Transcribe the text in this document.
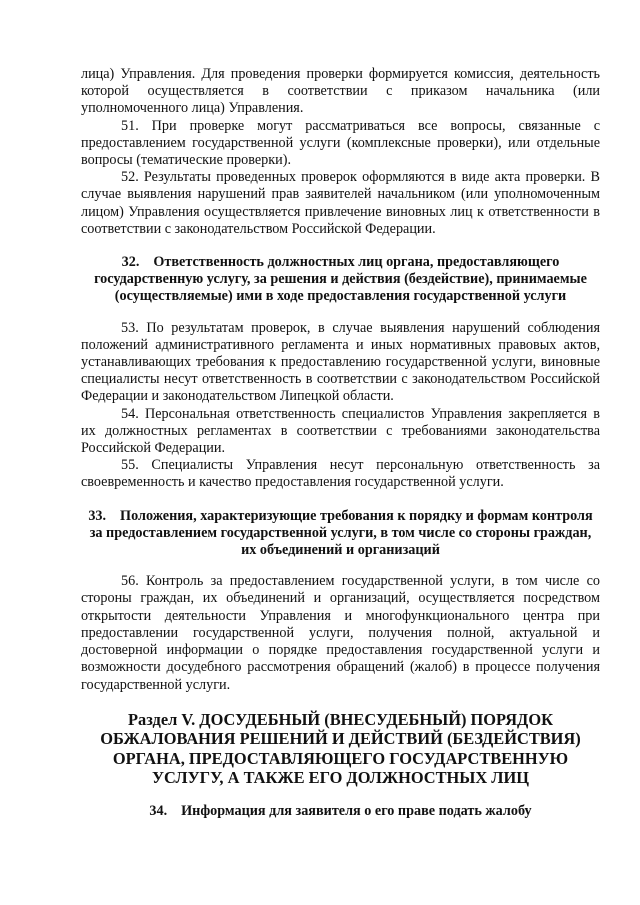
лица) Управления. Для проведения проверки формируется комиссия, деятельность которой осуществляется в соответствии с приказом начальника (или уполномоченного лица) Управления.

51. При проверке могут рассматриваться все вопросы, связанные с предоставлением государственной услуги (комплексные проверки), или отдельные вопросы (тематические проверки).

52. Результаты проведенных проверок оформляются в виде акта проверки. В случае выявления нарушений прав заявителей начальником (или уполномоченным лицом) Управления осуществляется привлечение виновных лиц к ответственности в соответствии с законодательством Российской Федерации.

32. Ответственность должностных лиц органа, предоставляющего государственную услугу, за решения и действия (бездействие), принимаемые (осуществляемые) ими в ходе предоставления государственной услуги

53. По результатам проверок, в случае выявления нарушений соблюдения положений административного регламента и иных нормативных правовых актов, устанавливающих требования к предоставлению государственной услуги, виновные специалисты несут ответственность в соответствии с законодательством Российской Федерации и законодательством Липецкой области.

54. Персональная ответственность специалистов Управления закрепляется в их должностных регламентах в соответствии с требованиями законодательства Российской Федерации.

55. Специалисты Управления несут персональную ответственность за своевременность и качество предоставления государственной услуги.

33. Положения, характеризующие требования к порядку и формам контроля за предоставлением государственной услуги, в том числе со стороны граждан, их объединений и организаций

56. Контроль за предоставлением государственной услуги, в том числе со стороны граждан, их объединений и организаций, осуществляется посредством открытости деятельности Управления и многофункционального центра при предоставлении государственной услуги, получения полной, актуальной и достоверной информации о порядке предоставления государственной услуги и возможности досудебного рассмотрения обращений (жалоб) в процессе получения государственной услуги.

Раздел V. ДОСУДЕБНЫЙ (ВНЕСУДЕБНЫЙ) ПОРЯДОК ОБЖАЛОВАНИЯ РЕШЕНИЙ И ДЕЙСТВИЙ (БЕЗДЕЙСТВИЯ) ОРГАНА, ПРЕДОСТАВЛЯЮЩЕГО ГОСУДАРСТВЕННУЮ УСЛУГУ, А ТАКЖЕ ЕГО ДОЛЖНОСТНЫХ ЛИЦ

34. Информация для заявителя о его праве подать жалобу
